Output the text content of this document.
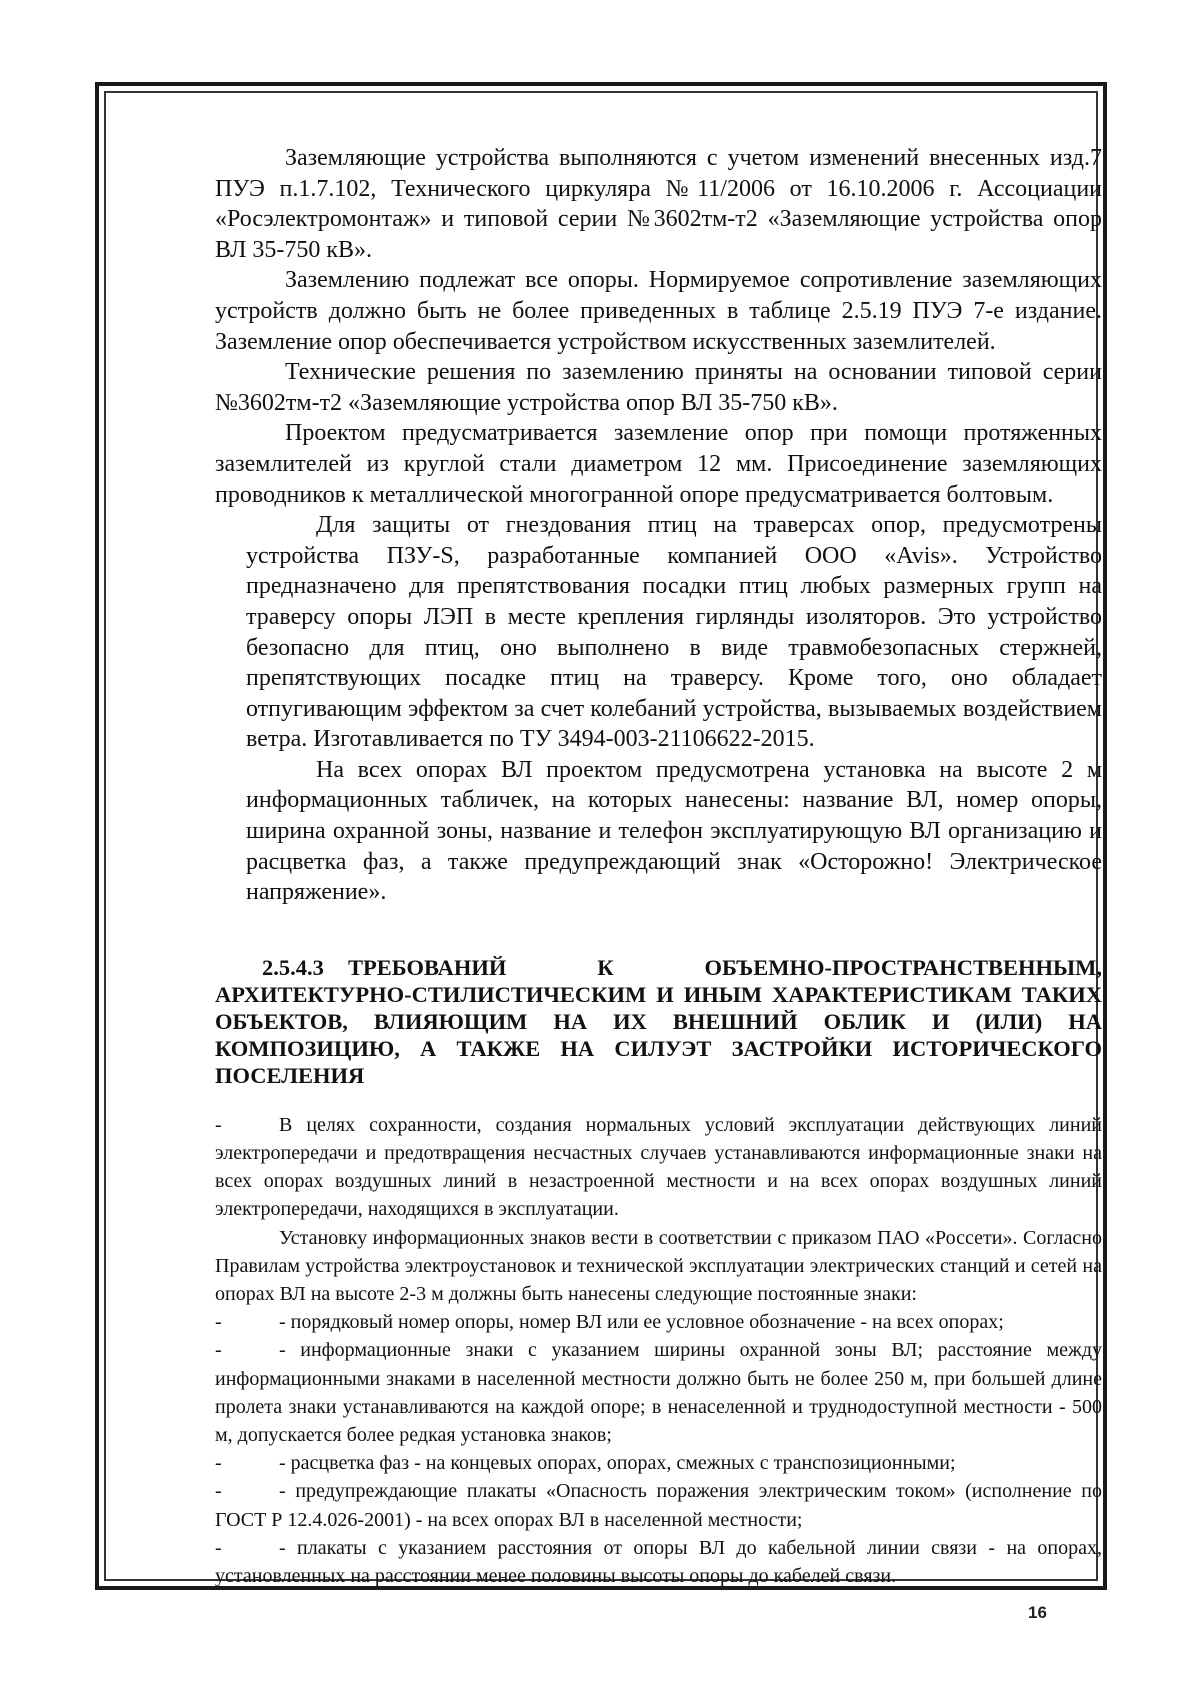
Заземляющие устройства выполняются с учетом изменений внесенных изд.7 ПУЭ п.1.7.102, Технического циркуляра №11/2006 от 16.10.2006 г. Ассоциации «Росэлектромонтаж» и типовой серии №3602тм-т2 «Заземляющие устройства опор ВЛ 35-750 кВ».

Заземлению подлежат все опоры. Нормируемое сопротивление заземляющих устройств должно быть не более приведенных в таблице 2.5.19 ПУЭ 7-е издание. Заземление опор обеспечивается устройством искусственных заземлителей.

Технические решения по заземлению приняты на основании типовой серии №3602тм-т2 «Заземляющие устройства опор ВЛ 35-750 кВ».

Проектом предусматривается заземление опор при помощи протяженных заземлителей из круглой стали диаметром 12 мм. Присоединение заземляющих проводников к металлической многогранной опоре предусматривается болтовым.

Для защиты от гнездования птиц на траверсах опор, предусмотрены устройства ПЗУ-S, разработанные компанией ООО «Avis». Устройство предназначено для препятствования посадки птиц любых размерных групп на траверсу опоры ЛЭП в месте крепления гирлянды изоляторов. Это устройство безопасно для птиц, оно выполнено в виде травмобезопасных стержней, препятствующих посадке птиц на траверсу. Кроме того, оно обладает отпугивающим эффектом за счет колебаний устройства, вызываемых воздействием ветра. Изготавливается по ТУ 3494-003-21106622-2015.

На всех опорах ВЛ проектом предусмотрена установка на высоте 2 м информационных табличек, на которых нанесены: название ВЛ, номер опоры, ширина охранной зоны, название и телефон эксплуатирующую ВЛ организацию и расцветка фаз, а также предупреждающий знак «Осторожно! Электрическое напряжение».

2.5.4.3 ТРЕБОВАНИЙ К ОБЪЕМНО-ПРОСТРАНСТВЕННЫМ, АРХИТЕКТУРНО-СТИЛИСТИЧЕСКИМ И ИНЫМ ХАРАКТЕРИСТИКАМ ТАКИХ ОБЪЕКТОВ, ВЛИЯЮЩИМ НА ИХ ВНЕШНИЙ ОБЛИК И (ИЛИ) НА КОМПОЗИЦИЮ, А ТАКЖЕ НА СИЛУЭТ ЗАСТРОЙКИ ИСТОРИЧЕСКОГО ПОСЕЛЕНИЯ

-	В целях сохранности, создания нормальных условий эксплуатации действующих линий электропередачи и предотвращения несчастных случаев устанавливаются информационные знаки на всех опорах воздушных линий в незастроенной местности и на всех опорах воздушных линий электропередачи, находящихся в эксплуатации.

Установку информационных знаков вести в соответствии с приказом ПАО «Россети». Согласно Правилам устройства электроустановок и технической эксплуатации электрических станций и сетей на опорах ВЛ на высоте 2-3 м должны быть нанесены следующие постоянные знаки:

-	- порядковый номер опоры, номер ВЛ или ее условное обозначение - на всех опорах;

-	- информационные знаки с указанием ширины охранной зоны ВЛ; расстояние между информационными знаками в населенной местности должно быть не более 250 м, при большей длине пролета знаки устанавливаются на каждой опоре; в ненаселенной и труднодоступной местности - 500 м, допускается более редкая установка знаков;

-	- расцветка фаз - на концевых опорах, опорах, смежных с транспозиционными;

-	- предупреждающие плакаты «Опасность поражения электрическим током» (исполнение по ГОСТ Р 12.4.026-2001) - на всех опорах ВЛ в населенной местности;

-	- плакаты с указанием расстояния от опоры ВЛ до кабельной линии связи - на опорах, установленных на расстоянии менее половины высоты опоры до кабелей связи.

16
